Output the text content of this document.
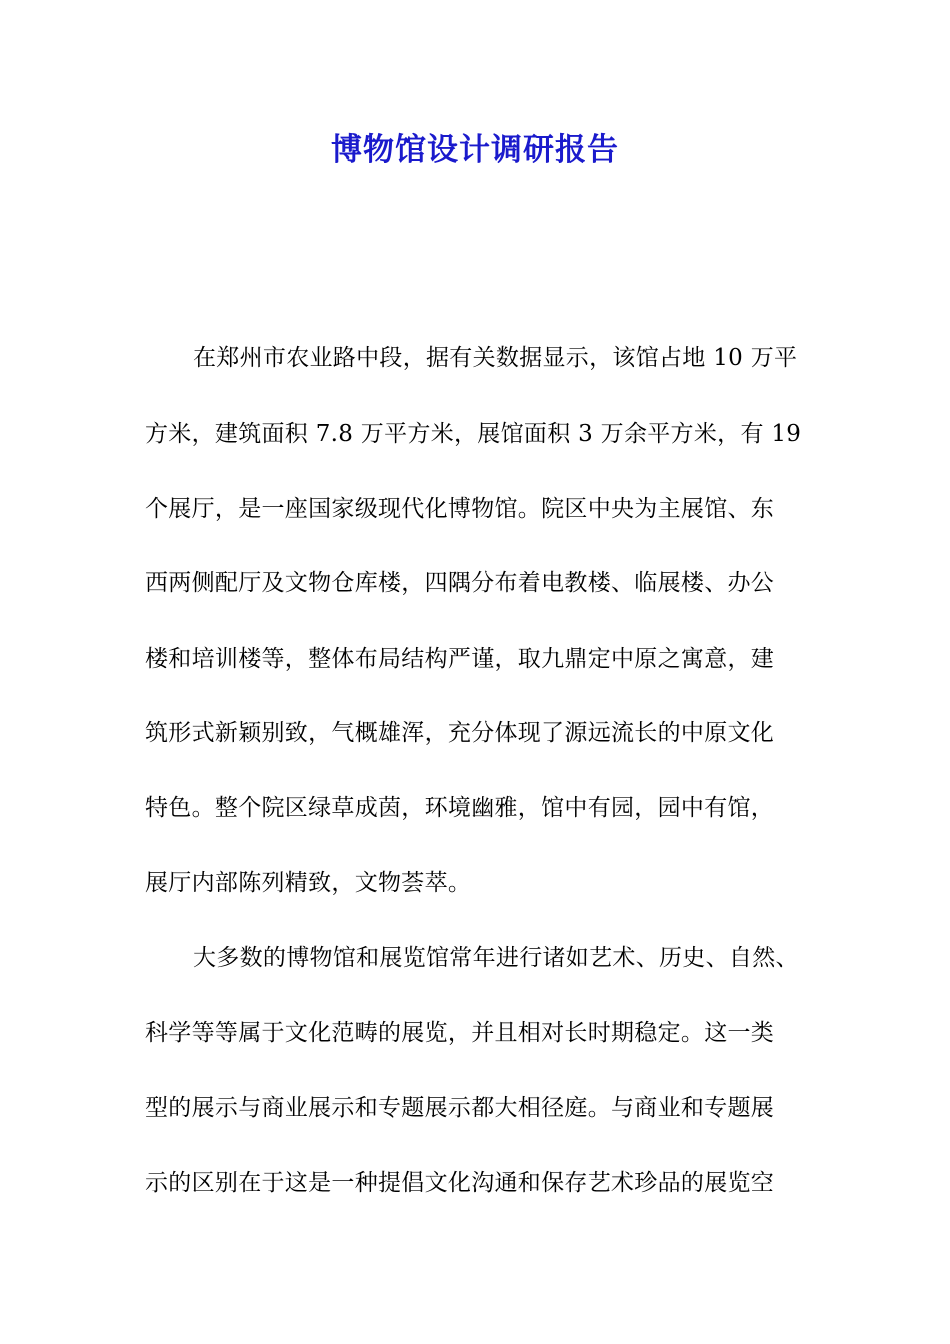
博物馆设计调研报告
在郑州市农业路中段，据有关数据显示，该馆占地 10 万平
方米，建筑面积 7.8 万平方米，展馆面积 3 万余平方米，有 19
个展厅，是一座国家级现代化博物馆。院区中央为主展馆、东
西两侧配厅及文物仓库楼，四隅分布着电教楼、临展楼、办公
楼和培训楼等，整体布局结构严谨，取九鼎定中原之寓意，建
筑形式新颖别致，气概雄浑，充分体现了源远流长的中原文化
特色。整个院区绿草成茵，环境幽雅，馆中有园，园中有馆，
展厅内部陈列精致，文物荟萃。
大多数的博物馆和展览馆常年进行诸如艺术、历史、自然、
科学等等属于文化范畴的展览，并且相对长时期稳定。这一类
型的展示与商业展示和专题展示都大相径庭。与商业和专题展
示的区别在于这是一种提倡文化沟通和保存艺术珍品的展览空
